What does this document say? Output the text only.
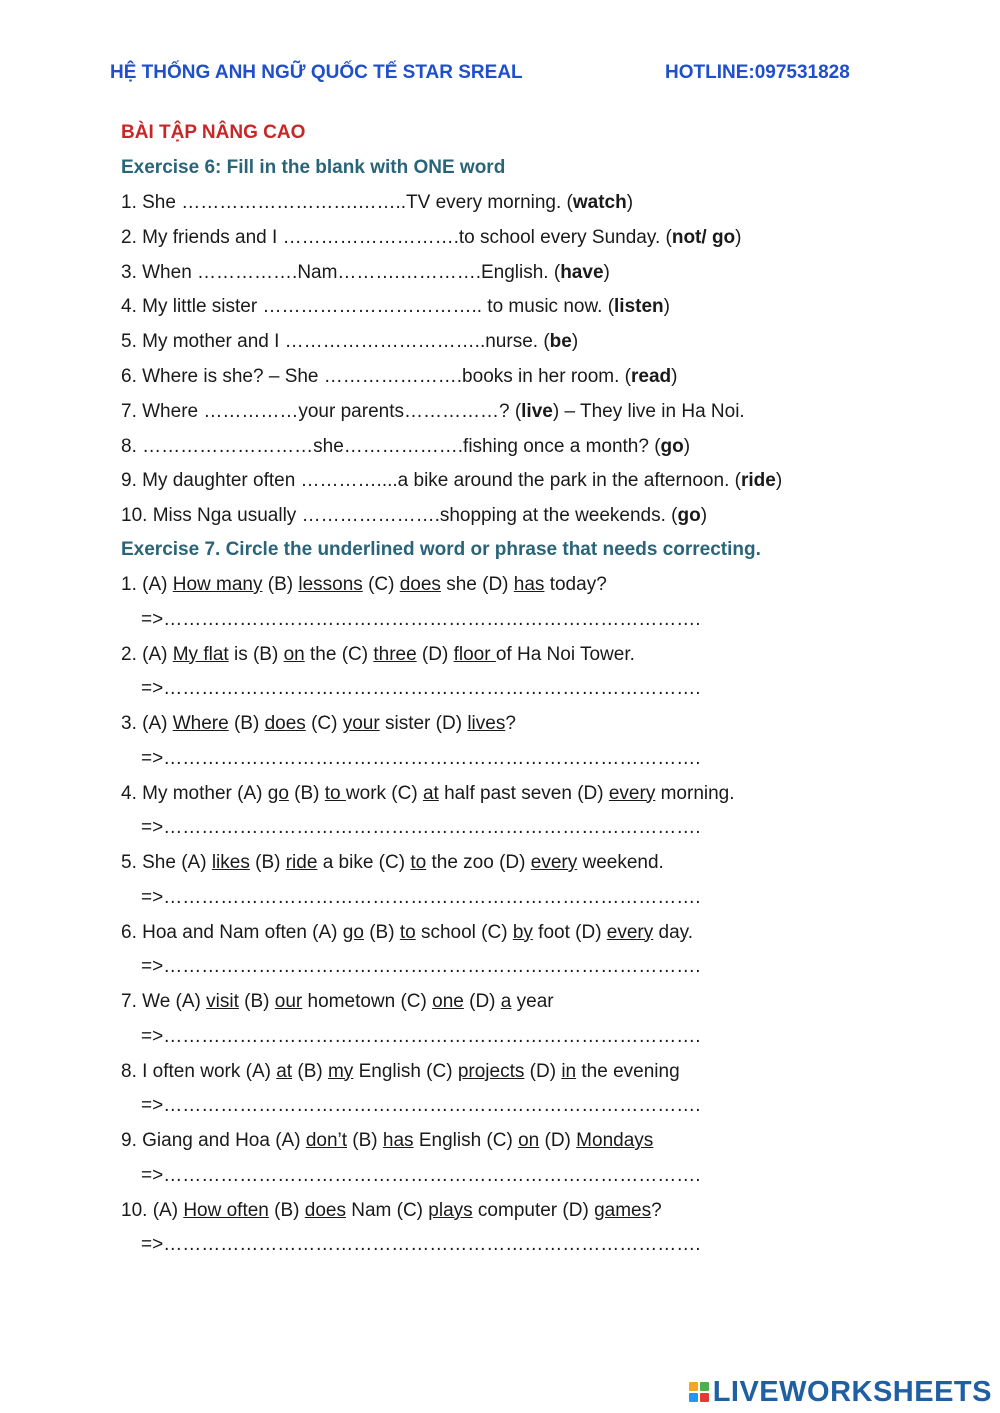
HỆ THỐNG ANH NGỮ QUỐC TẾ STAR SREAL	HOTLINE:097531828
BÀI TẬP NÂNG CAO
Exercise 6: Fill in the blank with ONE word
1. She ……………………….……..TV every morning. (watch)
2. My friends and I ……………………….to school every Sunday. (not/ go)
3. When …………….Nam……….………….English. (have)
4. My little sister …………………………….. to music now. (listen)
5. My mother and I …………………………..nurse. (be)
6. Where is she? – She ………………….books in her room. (read)
7. Where ……………your parents……………? (live) – They live in Ha Noi.
8. ………………………she……………….fishing once a month? (go)
9. My daughter often …………....a bike around the park in the afternoon. (ride)
10. Miss Nga usually ………………….shopping at the weekends. (go)
Exercise 7. Circle the underlined word or phrase that needs correcting.
1. (A) How many (B) lessons (C) does she (D) has today?
=>………………………………………………………………………….
2. (A) My flat is (B) on the (C) three (D) floor of Ha Noi Tower.
=>………………………………………………………………………….
3. (A) Where (B) does (C) your sister (D) lives?
=>………………………………………………………………………….
4. My mother (A) go (B) to work (C) at half past seven (D) every morning.
=>………………………………………………………………………….
5. She (A) likes (B) ride a bike (C) to the zoo (D) every weekend.
=>………………………………………………………………………….
6. Hoa and Nam often (A) go (B) to school (C) by foot (D) every day.
=>………………………………………………………………………….
7. We (A) visit (B) our hometown (C) one (D) a year
=>………………………………………………………………………….
8. I often work (A) at (B) my English (C) projects (D) in the evening
=>………………………………………………………………………….
9. Giang and Hoa (A) don’t (B) has English (C) on (D) Mondays
=>………………………………………………………………………….
10. (A) How often (B) does Nam (C) plays computer (D) games?
=>………………………………………………………………………….
LIVEWORKSHEETS
